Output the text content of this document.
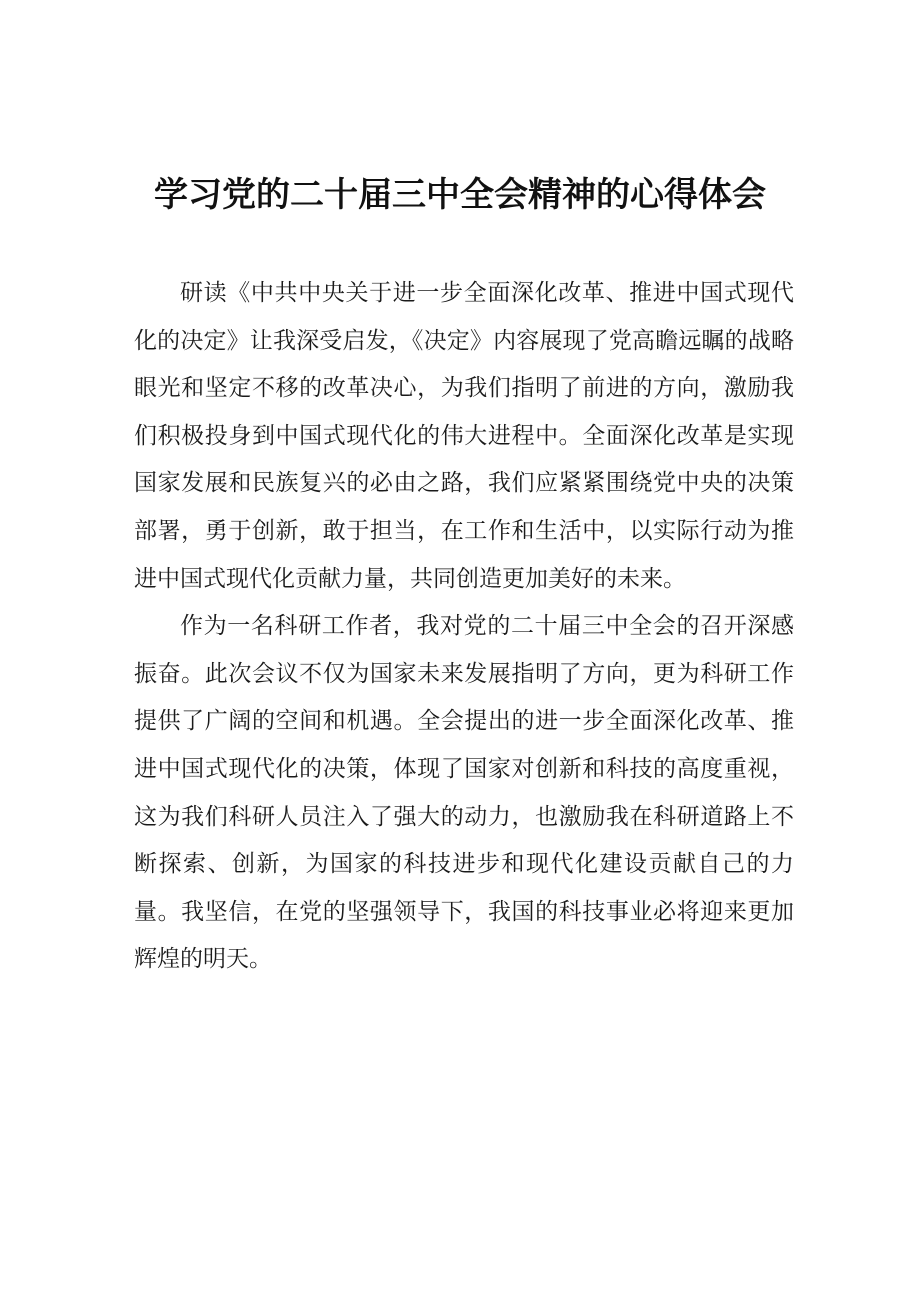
学习党的二十届三中全会精神的心得体会

研读《中共中央关于进一步全面深化改革、推进中国式现代化的决定》让我深受启发，《决定》内容展现了党高瞻远瞩的战略眼光和坚定不移的改革决心，为我们指明了前进的方向，激励我们积极投身到中国式现代化的伟大进程中。全面深化改革是实现国家发展和民族复兴的必由之路，我们应紧紧围绕党中央的决策部署，勇于创新，敢于担当，在工作和生活中，以实际行动为推进中国式现代化贡献力量，共同创造更加美好的未来。

作为一名科研工作者，我对党的二十届三中全会的召开深感振奋。此次会议不仅为国家未来发展指明了方向，更为科研工作提供了广阔的空间和机遇。全会提出的进一步全面深化改革、推进中国式现代化的决策，体现了国家对创新和科技的高度重视，这为我们科研人员注入了强大的动力，也激励我在科研道路上不断探索、创新，为国家的科技进步和现代化建设贡献自己的力量。我坚信，在党的坚强领导下，我国的科技事业必将迎来更加辉煌的明天。
